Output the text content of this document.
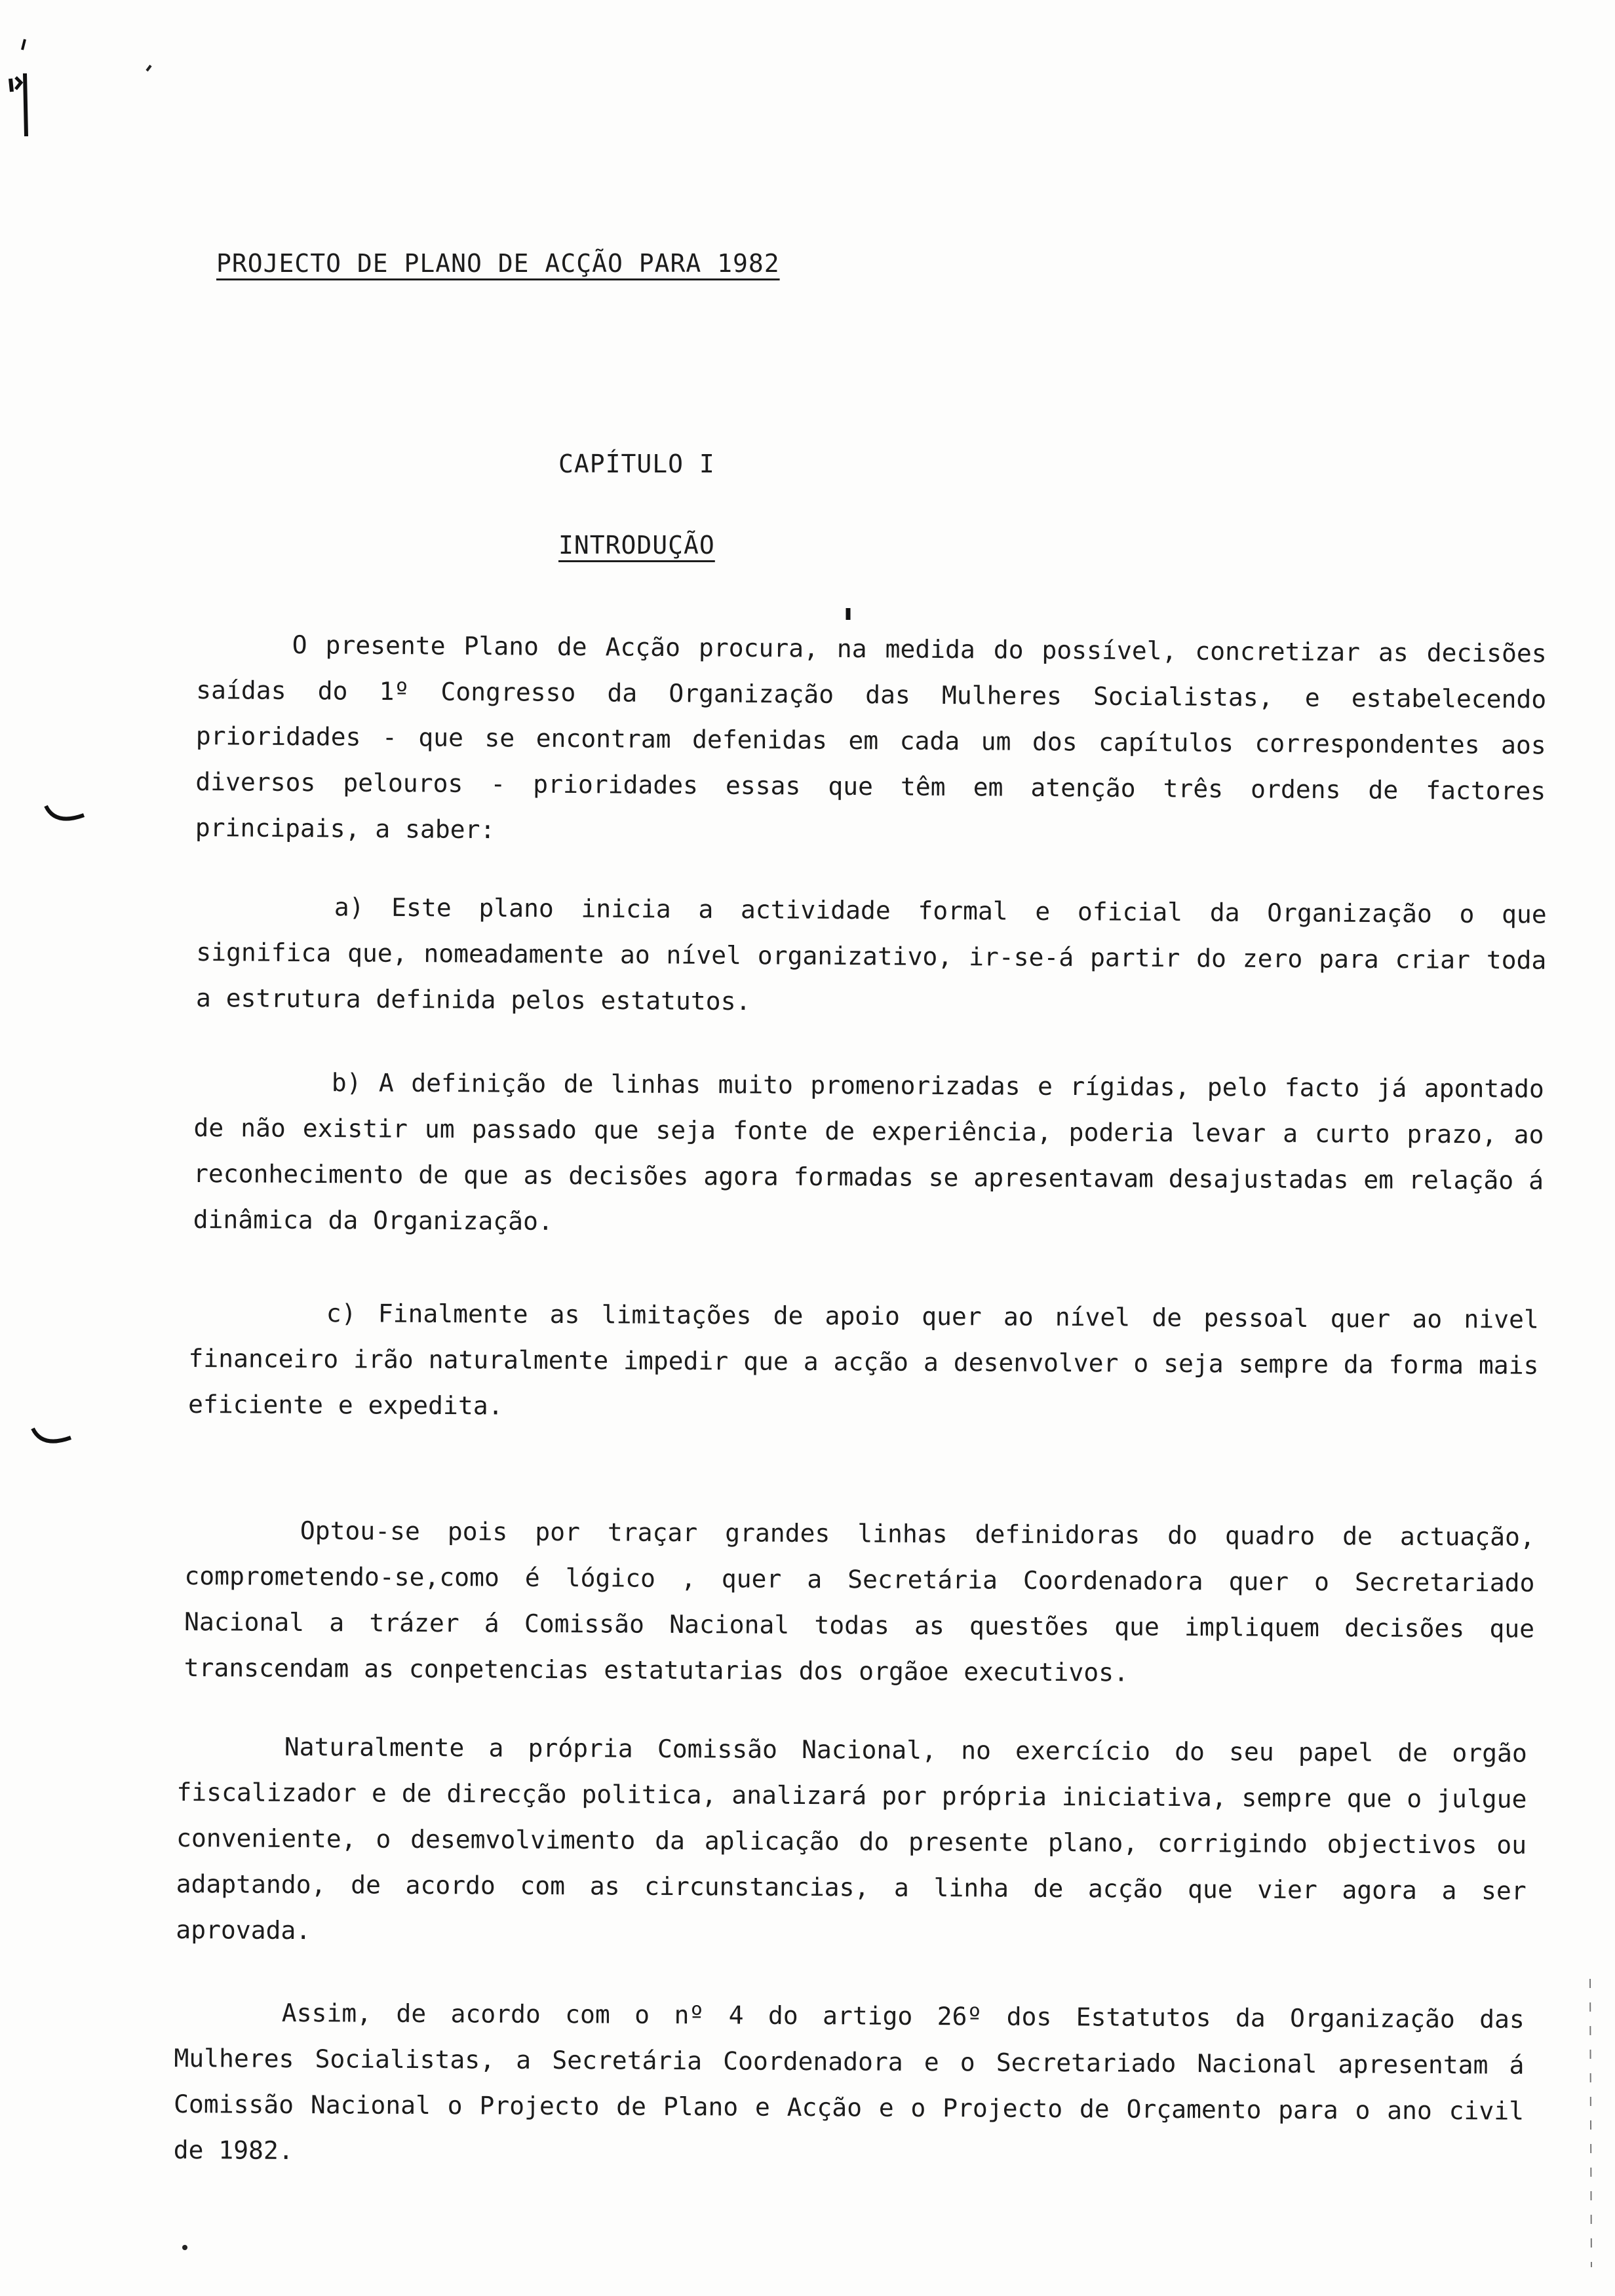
PROJECTO DE PLANO DE ACÇÃO PARA 1982
CAPÍTULO I
INTRODUÇÃO
O presente Plano de Acção procura, na medida do possível, concretizar as decisões saídas do 1º Congresso da Organização das Mulheres Socialistas, e estabelecendo prioridades - que se encontram defenidas em cada um dos capítulos correspondentes aos diversos pelouros - prioridades essas que têm em atenção três ordens de factores principais, a saber:
a) Este plano inicia a actividade formal e oficial da Organização o que significa que, nomeadamente ao nível organizativo, ir-se-á partir do zero para criar toda a estrutura definida pelos estatutos.
b) A definição de linhas muito promenorizadas e rígidas, pelo facto já apontado de não existir um passado que seja fonte de experiência, poderia levar a curto prazo, ao reconhecimento de que as decisões agora formadas se apresentavam desajustadas em relação á dinâmica da Organização.
c) Finalmente as limitações de apoio quer ao nível de pessoal quer ao nivel financeiro irão naturalmente impedir que a acção a desenvolver o seja sempre da forma mais eficiente e expedita.
Optou-se pois por traçar grandes linhas definidoras do quadro de actuação, comprometendo-se,como é lógico , quer a Secretária Coordenadora quer o Secretariado Nacional a trázer á Comissão Nacional todas as questões que impliquem decisões que transcendam as conpetencias estatutarias dos orgãoe executivos.
Naturalmente a própria Comissão Nacional, no exercício do seu papel de orgão fiscalizador e de direcção politica, analizará por própria iniciativa, sempre que o julgue conveniente, o desemvolvimento da aplicação do presente plano, corrigindo objectivos ou adaptando, de acordo com as circunstancias, a linha de acção que vier agora a ser aprovada.
Assim, de acordo com o nº 4 do artigo 26º dos Estatutos da Organização das Mulheres Socialistas, a Secretária Coordenadora e o Secretariado Nacional apresentam á Comissão Nacional o Projecto de Plano e Acção e o Projecto de Orçamento para o ano civil de 1982.
